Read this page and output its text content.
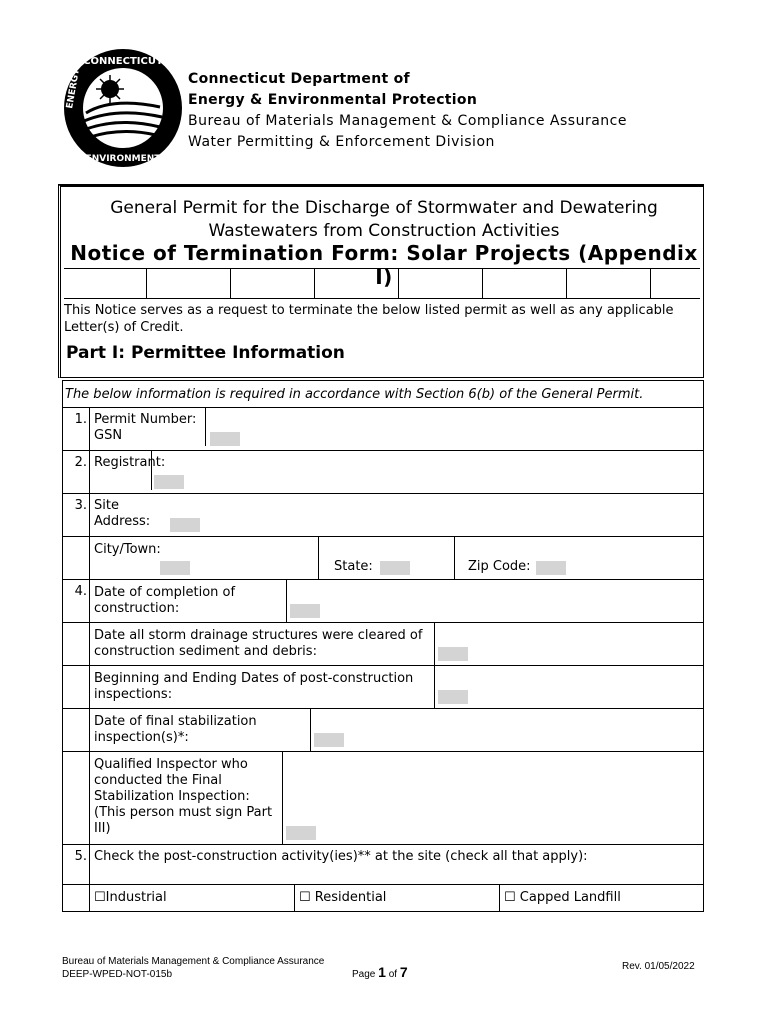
CONNECTICUT
ENERGY
ENVIRONMENT
Connecticut Department of
Energy & Environmental Protection
Bureau of Materials Management & Compliance Assurance
Water Permitting & Enforcement Division
General Permit for the Discharge of Stormwater and Dewatering
Wastewaters from Construction Activities
Notice of Termination Form: Solar Projects (Appendix I)
This Notice serves as a request to terminate the below listed permit as well as any applicable Letter(s) of Credit.
Part I: Permittee Information
The below information is required in accordance with Section 6(b) of the General Permit.			
1.	Permit Number: GSN		

2.	Registrant:		

3.	Site Address:		

	City/Town:
State: Zip Code:		

4.	Date of completion of construction:		

	Date all storm drainage structures were cleared of construction sediment and debris:		

	Beginning and Ending Dates of post-construction inspections:		

	Date of final stabilization inspection(s)*:		

	Qualified Inspector who conducted the Final Stabilization Inspection: (This person must sign Part III)		

5.	Check the post-construction activity(ies)** at the site (check all that apply):		
	☐Industrial	☐ Residential	☐ Capped Landfill
Bureau of Materials Management & Compliance Assurance
DEEP-WPED-NOT-015b	Page 1 of 7	Rev. 01/05/2022
